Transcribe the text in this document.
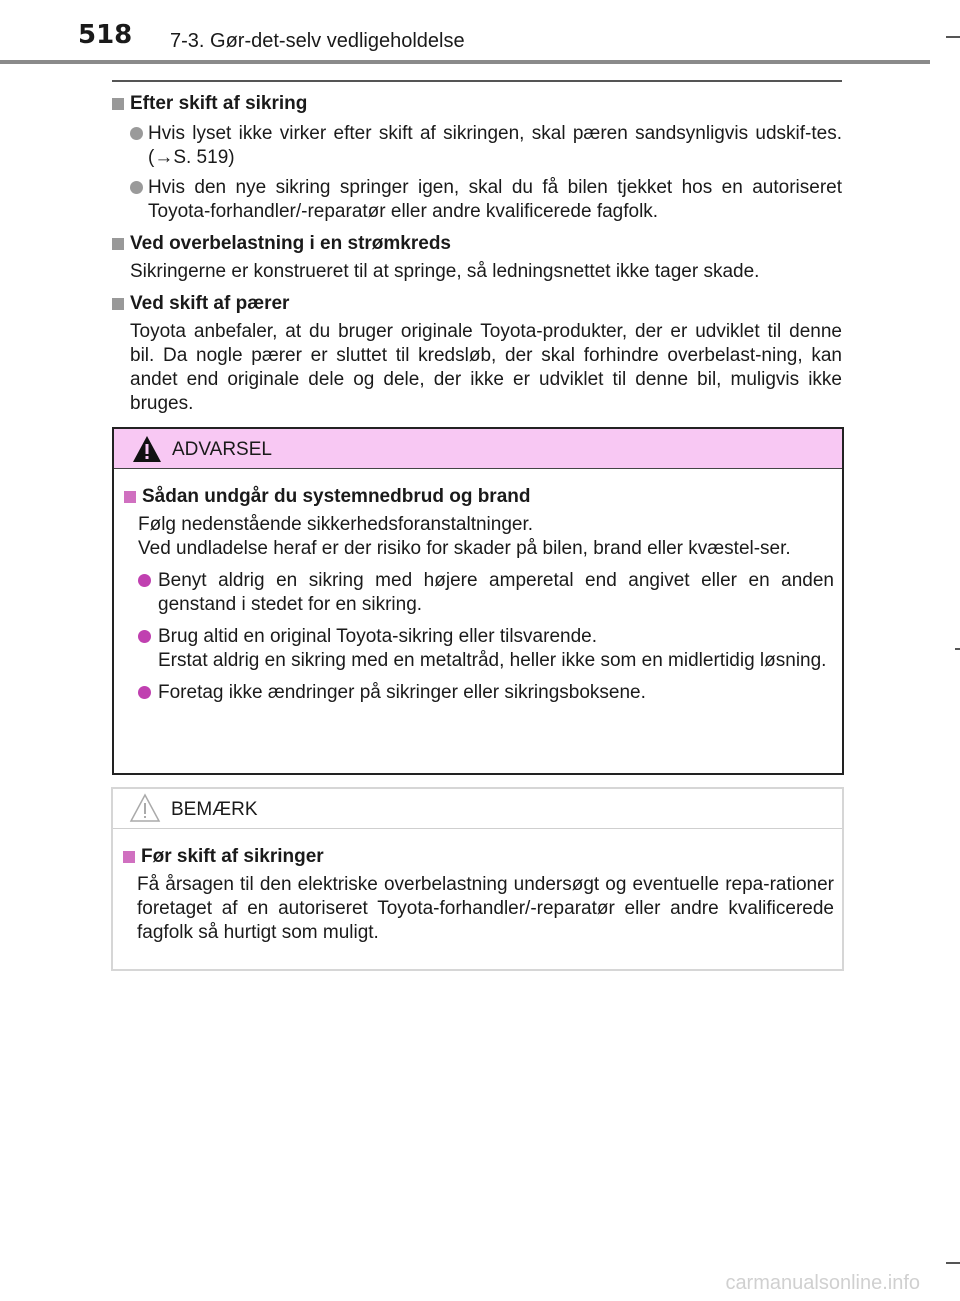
518 7-3. Gør-det-selv vedligeholdelse
Efter skift af sikring
Hvis lyset ikke virker efter skift af sikringen, skal pæren sandsynligvis udskif-tes. (→S. 519)
Hvis den nye sikring springer igen, skal du få bilen tjekket hos en autoriseret Toyota-forhandler/-reparatør eller andre kvalificerede fagfolk.
Ved overbelastning i en strømkreds
Sikringerne er konstrueret til at springe, så ledningsnettet ikke tager skade.
Ved skift af pærer
Toyota anbefaler, at du bruger originale Toyota-produkter, der er udviklet til denne bil. Da nogle pærer er sluttet til kredsløb, der skal forhindre overbelast-ning, kan andet end originale dele og dele, der ikke er udviklet til denne bil, muligvis ikke bruges.
ADVARSEL
Sådan undgår du systemnedbrud og brand
Følg nedenstående sikkerhedsforanstaltninger.
Ved undladelse heraf er der risiko for skader på bilen, brand eller kvæstel-ser.
Benyt aldrig en sikring med højere amperetal end angivet eller en anden genstand i stedet for en sikring.
Brug altid en original Toyota-sikring eller tilsvarende.
Erstat aldrig en sikring med en metaltråd, heller ikke som en midlertidig løsning.
Foretag ikke ændringer på sikringer eller sikringsboksene.
BEMÆRK
Før skift af sikringer
Få årsagen til den elektriske overbelastning undersøgt og eventuelle repa-rationer foretaget af en autoriseret Toyota-forhandler/-reparatør eller andre kvalificerede fagfolk så hurtigt som muligt.
carmanualsonline.info
